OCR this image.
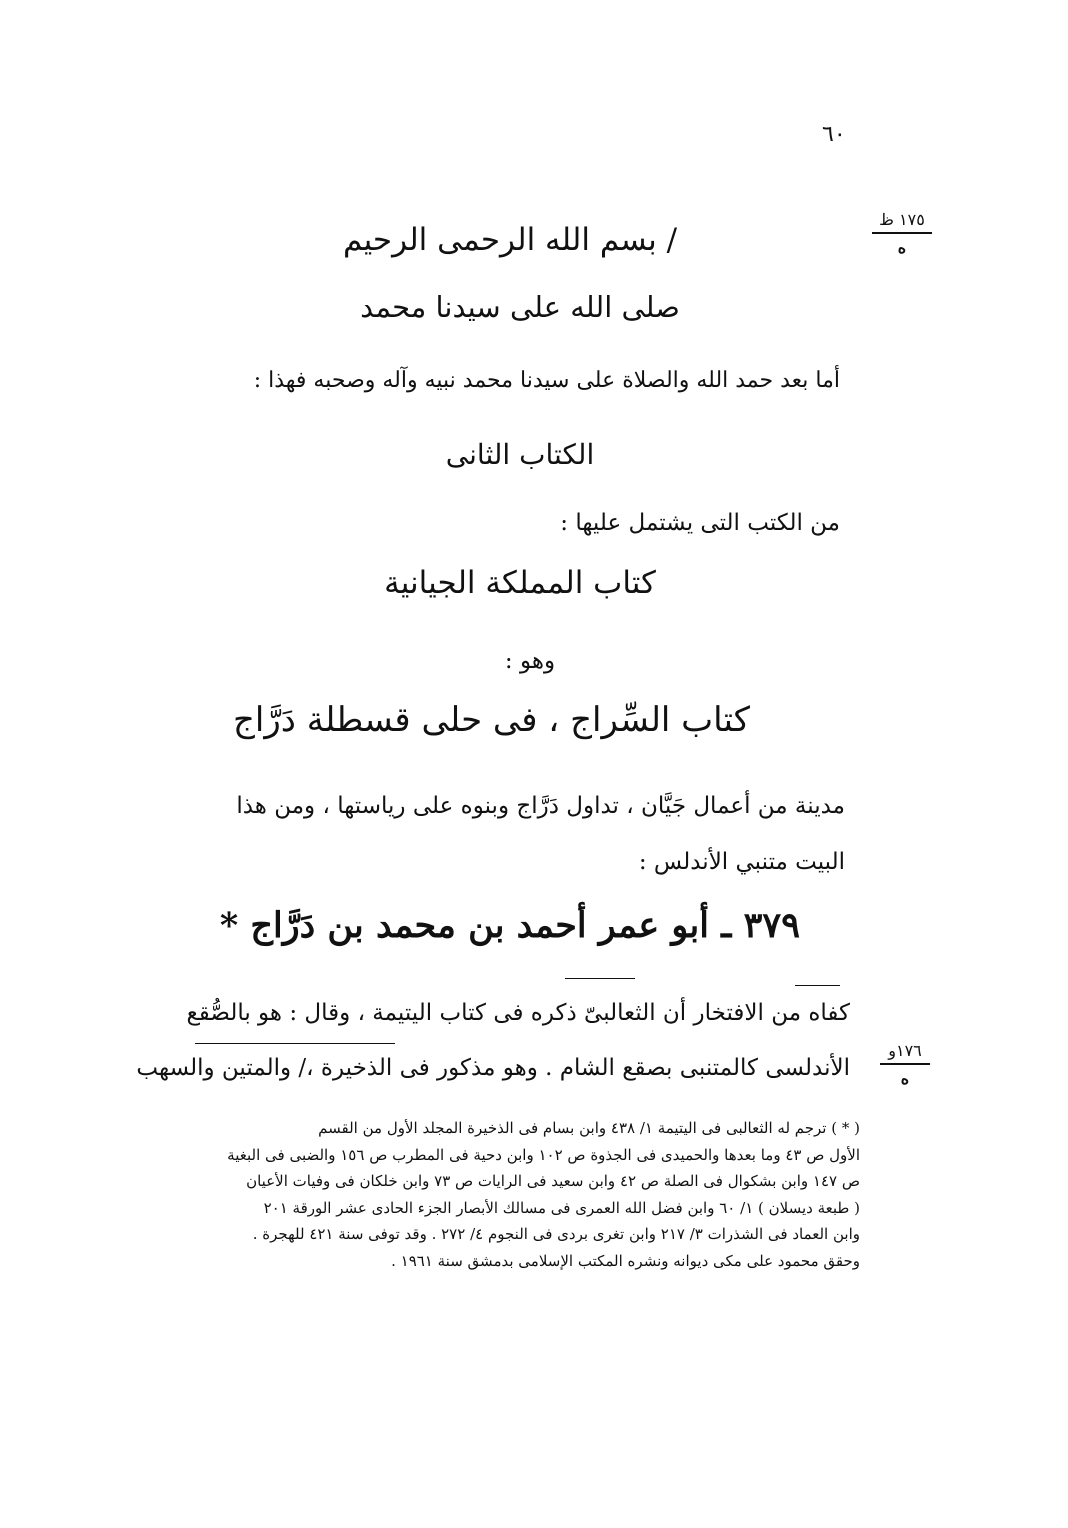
٦٠
١٧٥ ظ
ه
/ بسم الله الرحمى الرحيم
صلى الله على سيدنا محمد
أما بعد حمد الله والصلاة على سيدنا محمد نبيه وآله وصحبه فهذا :
الكتاب الثانى
من الكتب التى يشتمل عليها :
كتاب المملكة الجيانية
وهو :
كتاب السِّراج ، فى حلى قسطلة دَرَّاج
مدينة من أعمال جَيَّان ، تداول دَرَّاج وبنوه على رياستها ، ومن هذا البيت متنبي الأندلس :
٣٧٩ ـ أبو عمر أحمد بن محمد بن دَرَّاج *
كفاه من الافتخار أن الثعالبىّ ذكره فى كتاب اليتيمة ، وقال : هو بالصُّقع
١٧٦و
ه
الأندلسى كالمتنبى بصقع الشام . وهو مذكور فى الذخيرة ،/ والمتين والسهب
( * ) ترجم له الثعالبى فى اليتيمة ١/ ٤٣٨ وابن بسام فى الذخيرة المجلد الأول من القسم
الأول ص ٤٣ وما بعدها والحميدى فى الجذوة ص ١٠٢ وابن دحية فى المطرب ص ١٥٦ والضبى فى البغية
ص ١٤٧ وابن بشكوال فى الصلة ص ٤٢ وابن سعيد فى الرايات ص ٧٣ وابن خلكان فى وفيات الأعيان
( طبعة دیسلان ) ١/ ٦٠ وابن فضل الله العمرى فى مسالك الأبصار الجزء الحادى عشر الورقة ٢٠١
وابن العماد فى الشذرات ٣/ ٢١٧ وابن تغرى بردى فى النجوم ٤/ ٢٧٢ . وقد توفى سنة ٤٢١ للهجرة .
وحقق محمود على مكى ديوانه ونشره المكتب الإسلامى بدمشق سنة ١٩٦١ .
